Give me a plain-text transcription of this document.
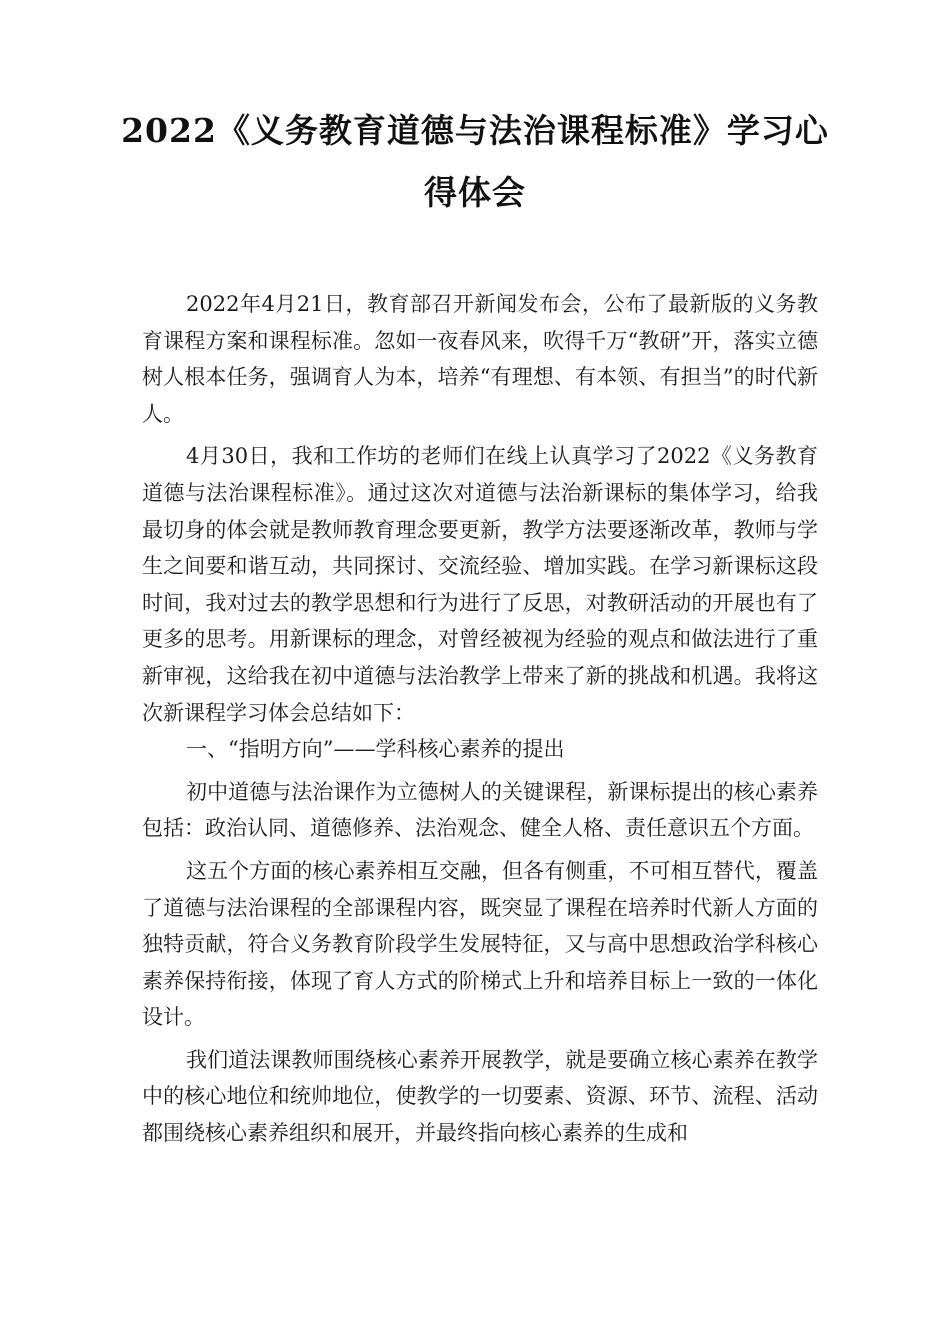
2022《义务教育道德与法治课程标准》学习心得体会

2022年4月21日，教育部召开新闻发布会，公布了最新版的义务教育课程方案和课程标准。忽如一夜春风来，吹得千万“教研”开，落实立德树人根本任务，强调育人为本，培养“有理想、有本领、有担当”的时代新人。

4月30日，我和工作坊的老师们在线上认真学习了2022《义务教育道德与法治课程标准》。通过这次对道德与法治新课标的集体学习，给我最切身的体会就是教师教育理念要更新，教学方法要逐渐改革，教师与学生之间要和谐互动，共同探讨、交流经验、增加实践。在学习新课标这段时间，我对过去的教学思想和行为进行了反思，对教研活动的开展也有了更多的思考。用新课标的理念，对曾经被视为经验的观点和做法进行了重新审视，这给我在初中道德与法治教学上带来了新的挑战和机遇。我将这次新课程学习体会总结如下：

一、“指明方向”——学科核心素养的提出

初中道德与法治课作为立德树人的关键课程，新课标提出的核心素养包括：政治认同、道德修养、法治观念、健全人格、责任意识五个方面。

这五个方面的核心素养相互交融，但各有侧重，不可相互替代，覆盖了道德与法治课程的全部课程内容，既突显了课程在培养时代新人方面的独特贡献，符合义务教育阶段学生发展特征，又与高中思想政治学科核心素养保持衔接，体现了育人方式的阶梯式上升和培养目标上一致的一体化设计。

我们道法课教师围绕核心素养开展教学，就是要确立核心素养在教学中的核心地位和统帅地位，使教学的一切要素、资源、环节、流程、活动都围绕核心素养组织和展开，并最终指向核心素养的生成和
